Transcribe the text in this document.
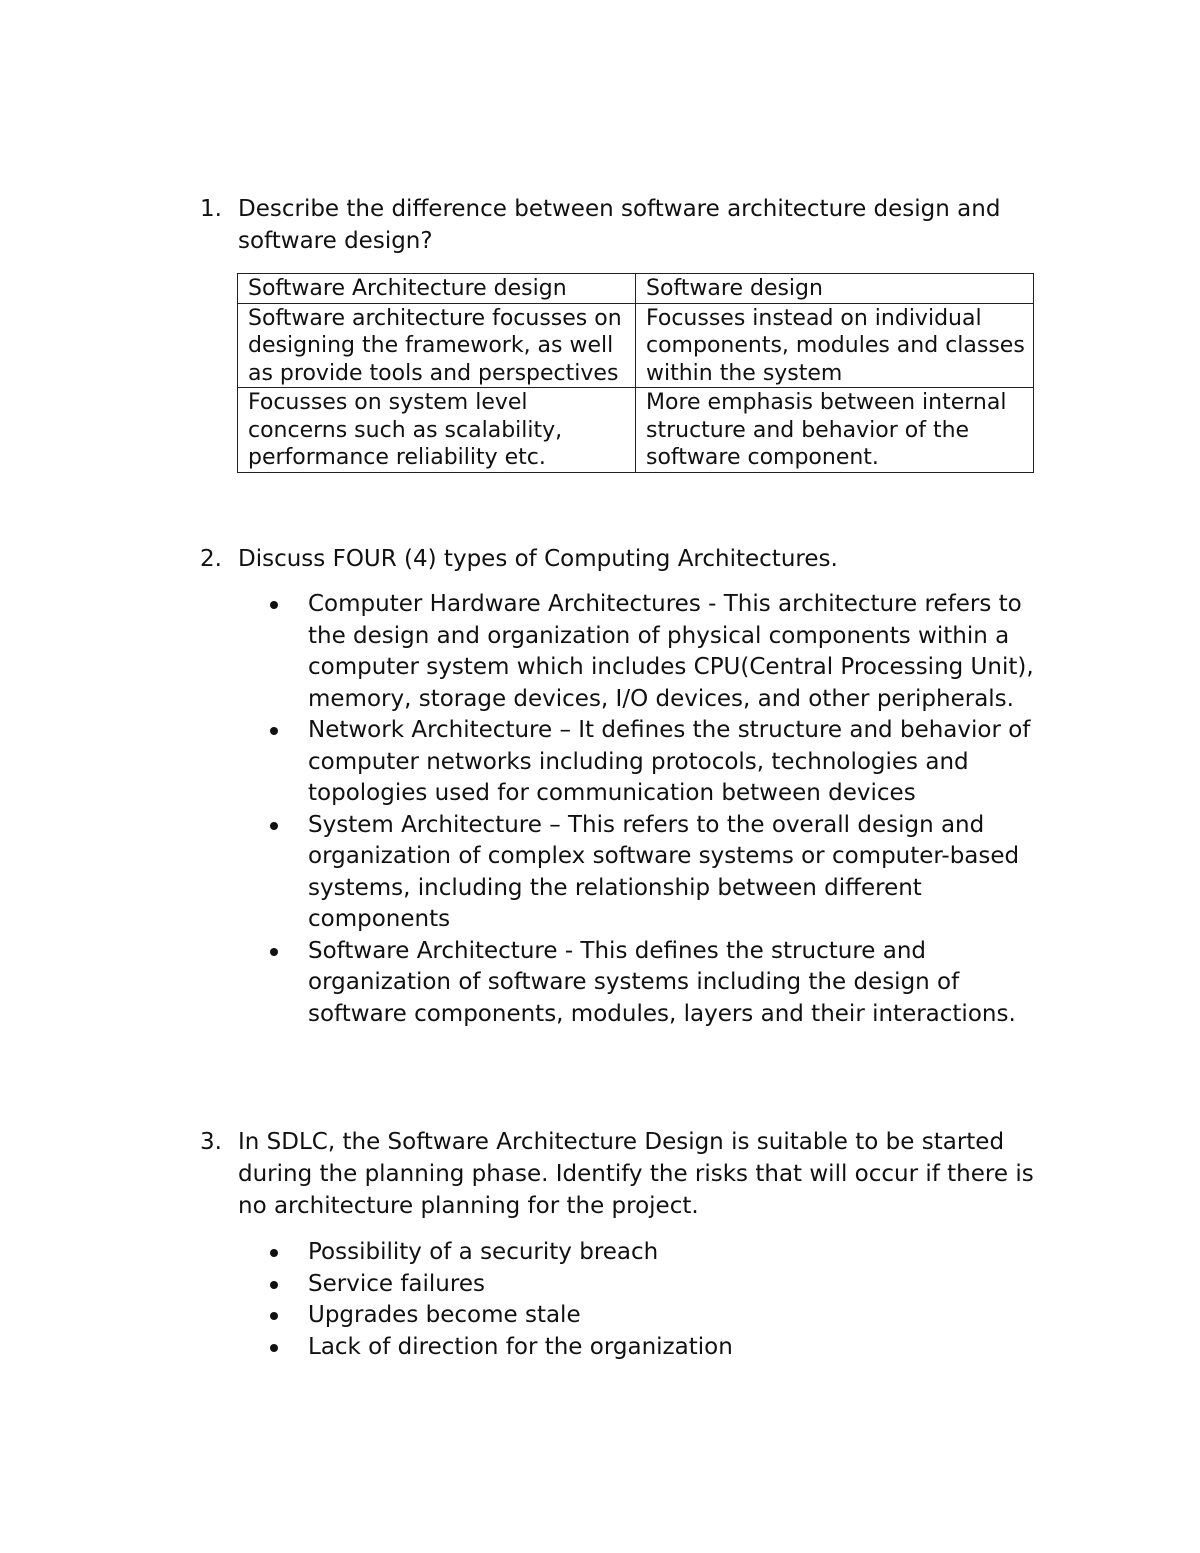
1. Describe the difference between software architecture design and software design?
Software Architecture design	Software design
Software architecture focusses on designing the framework, as well as provide tools and perspectives	Focusses instead on individual components, modules and classes within the system
Focusses on system level concerns such as scalability, performance reliability etc.	More emphasis between internal structure and behavior of the software component.
2. Discuss FOUR (4) types of Computing Architectures.
Computer Hardware Architectures - This architecture refers to the design and organization of physical components within a computer system which includes CPU(Central Processing Unit), memory, storage devices, I/O devices, and other peripherals.
Network Architecture – It defines the structure and behavior of computer networks including protocols, technologies and topologies used for communication between devices
System Architecture – This refers to the overall design and organization of complex software systems or computer-based systems, including the relationship between different components
Software Architecture - This defines the structure and organization of software systems including the design of software components, modules, layers and their interactions.
3. In SDLC, the Software Architecture Design is suitable to be started during the planning phase. Identify the risks that will occur if there is no architecture planning for the project.
Possibility of a security breach
Service failures
Upgrades become stale
Lack of direction for the organization
